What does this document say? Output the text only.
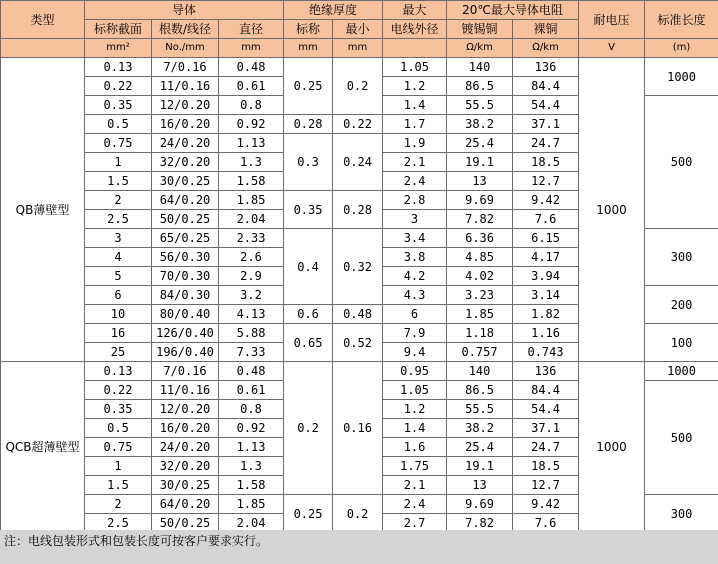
类型	导体			绝缘厚度		最大	20℃最大导体电阻		耐电压	标准长度
	标称截面	根数/线径	直径	标称	最小	电线外径	镀锡铜	裸铜		
	mm²	No./mm	mm	mm	mm		Ω/km	Ω/km	V	(m)
QB薄壁型	0.13	7/0.16	0.48	0.25	0.2	1.05	140	136	1000	1000
	0.22	11/0.16	0.61			1.2	86.5	84.4		
	0.35	12/0.20	0.8			1.4	55.5	54.4		500
	0.5	16/0.20	0.92	0.28	0.22	1.7	38.2	37.1		
	0.75	24/0.20	1.13	0.3	0.24	1.9	25.4	24.7		
	1	32/0.20	1.3			2.1	19.1	18.5		
	1.5	30/0.25	1.58			2.4	13	12.7		
	2	64/0.20	1.85	0.35	0.28	2.8	9.69	9.42		
	2.5	50/0.25	2.04			3	7.82	7.6		
	3	65/0.25	2.33	0.4	0.32	3.4	6.36	6.15		300
	4	56/0.30	2.6			3.8	4.85	4.17		
	5	70/0.30	2.9			4.2	4.02	3.94		
	6	84/0.30	3.2			4.3	3.23	3.14		200
	10	80/0.40	4.13	0.6	0.48	6	1.85	1.82		
	16	126/0.40	5.88	0.65	0.52	7.9	1.18	1.16		100
	25	196/0.40	7.33			9.4	0.757	0.743		
QCB超薄壁型	0.13	7/0.16	0.48	0.2	0.16	0.95	140	136	1000	1000
	0.22	11/0.16	0.61			1.05	86.5	84.4		500
	0.35	12/0.20	0.8			1.2	55.5	54.4		
	0.5	16/0.20	0.92			1.4	38.2	37.1		
	0.75	24/0.20	1.13			1.6	25.4	24.7		
	1	32/0.20	1.3			1.75	19.1	18.5		
	1.5	30/0.25	1.58			2.1	13	12.7		
	2	64/0.20	1.85	0.25	0.2	2.4	9.69	9.42		300
	2.5	50/0.25	2.04			2.7	7.82	7.6		
注：电线包装形式和包装长度可按客户要求实行。
